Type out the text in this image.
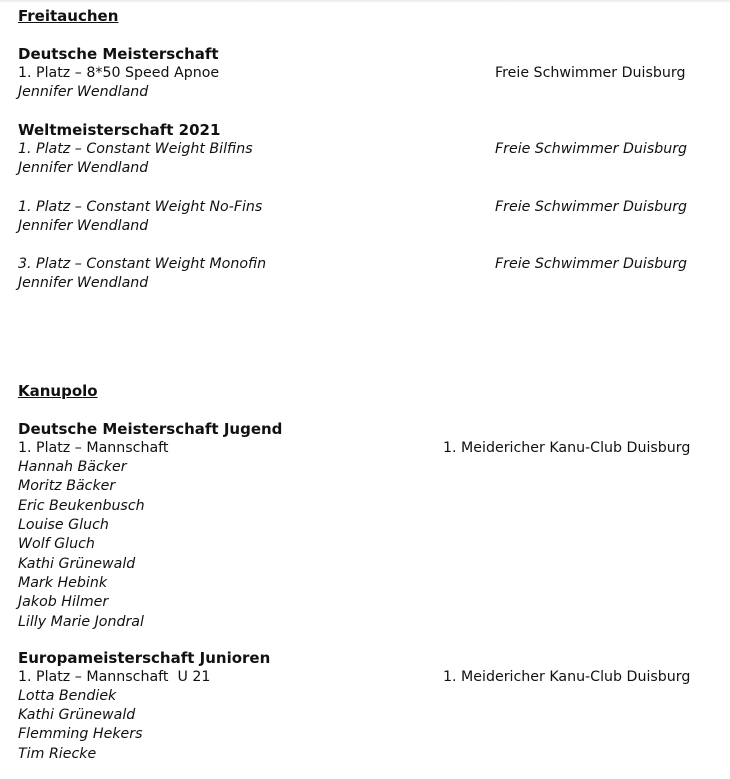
Freitauchen
Deutsche Meisterschaft
1. Platz – 8*50 Speed Apnoe	Freie Schwimmer Duisburg
Jennifer Wendland
Weltmeisterschaft 2021
1. Platz – Constant Weight Bilfins	Freie Schwimmer Duisburg
Jennifer Wendland
1. Platz – Constant Weight No-Fins	Freie Schwimmer Duisburg
Jennifer Wendland
3. Platz – Constant Weight Monofin	Freie Schwimmer Duisburg
Jennifer Wendland
Kanupolo
Deutsche Meisterschaft Jugend
1. Platz – Mannschaft	1. Meidericher Kanu-Club Duisburg
Hannah Bäcker
Moritz Bäcker
Eric Beukenbusch
Louise Gluch
Wolf Gluch
Kathi Grünewald
Mark Hebink
Jakob Hilmer
Lilly Marie Jondral
Europameisterschaft Junioren
1. Platz – Mannschaft  U 21	1. Meidericher Kanu-Club Duisburg
Lotta Bendiek
Kathi Grünewald
Flemming Hekers
Tim Riecke
